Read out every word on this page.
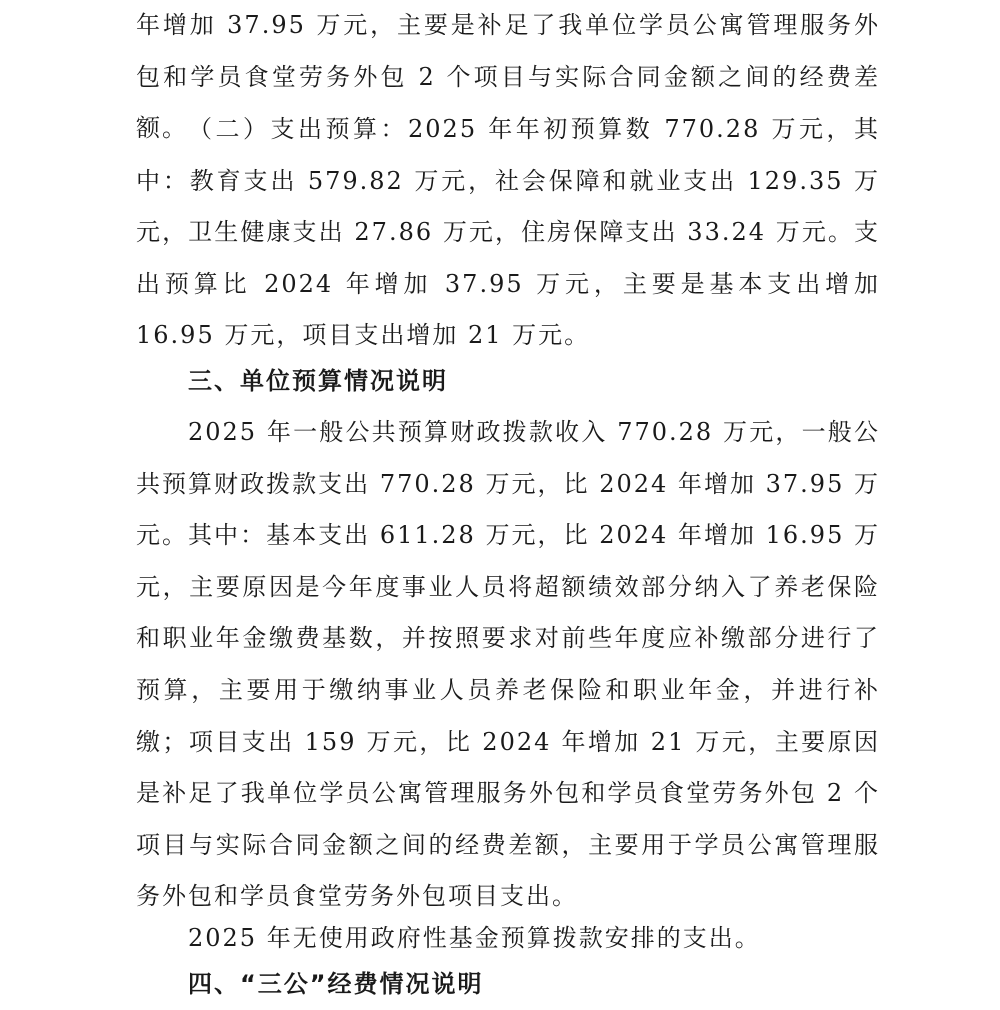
年增加 37.95 万元，主要是补足了我单位学员公寓管理服务外包和学员食堂劳务外包 2 个项目与实际合同金额之间的经费差额。 （二）支出预算：2025 年年初预算数 770.28 万元，其中：教育支出 579.82 万元，社会保障和就业支出 129.35 万元，卫生健康支出 27.86 万元，住房保障支出 33.24 万元。支出预算比 2024 年增加 37.95 万元，主要是基本支出增加 16.95 万元，项目支出增加 21 万元。

三、单位预算情况说明

2025 年一般公共预算财政拨款收入 770.28 万元，一般公共预算财政拨款支出 770.28 万元，比 2024 年增加 37.95 万元。其中：基本支出 611.28 万元，比 2024 年增加 16.95 万元，主要原因是今年度事业人员将超额绩效部分纳入了养老保险和职业年金缴费基数，并按照要求对前些年度应补缴部分进行了预算，主要用于缴纳事业人员养老保险和职业年金，并进行补缴；项目支出 159 万元，比 2024 年增加 21 万元，主要原因是补足了我单位学员公寓管理服务外包和学员食堂劳务外包 2 个项目与实际合同金额之间的经费差额，主要用于学员公寓管理服务外包和学员食堂劳务外包项目支出。

2025 年无使用政府性基金预算拨款安排的支出。

四、“三公”经费情况说明
